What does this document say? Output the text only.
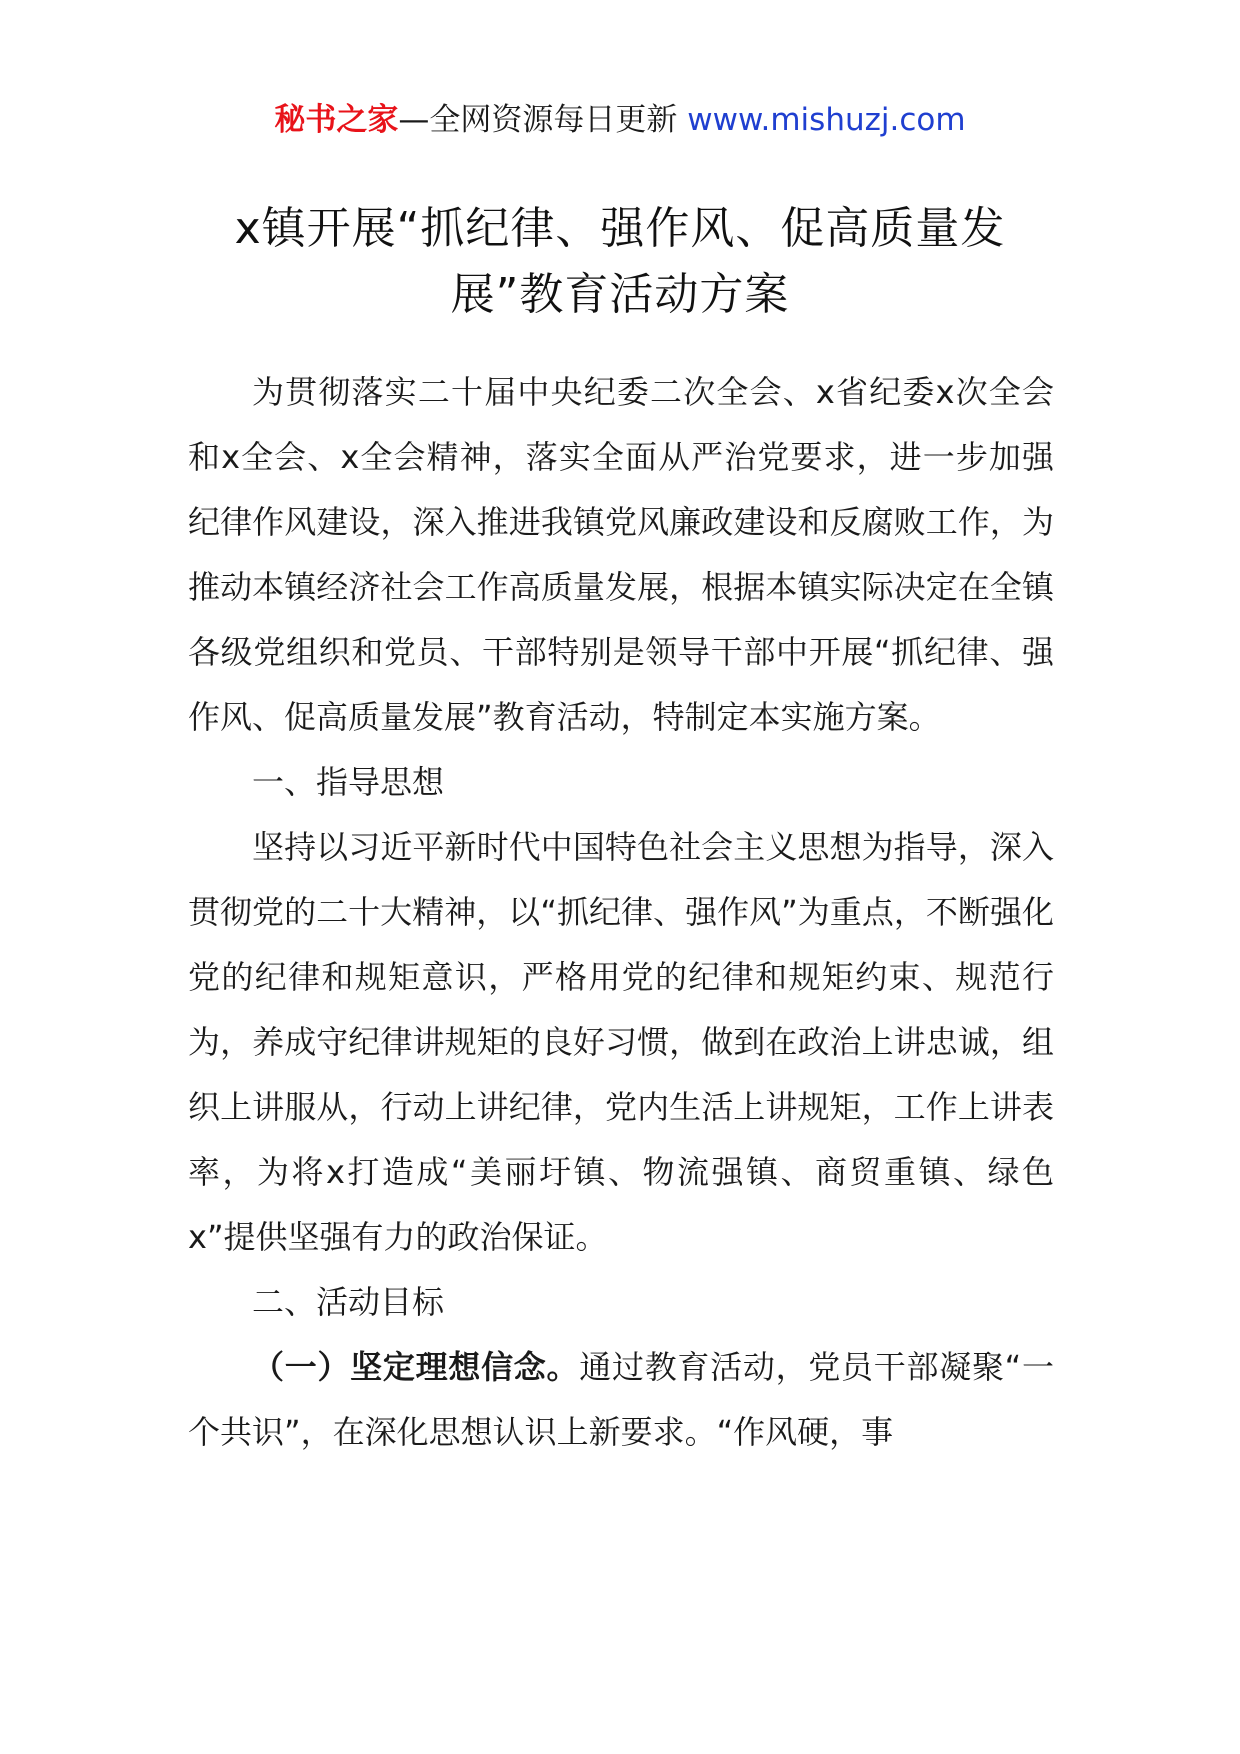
秘书之家—全网资源每日更新 www.mishuzj.com
x镇开展“抓纪律、强作风、促高质量发展”教育活动方案

为贯彻落实二十届中央纪委二次全会、x省纪委x次全会和x全会、x全会精神，落实全面从严治党要求，进一步加强纪律作风建设，深入推进我镇党风廉政建设和反腐败工作，为推动本镇经济社会工作高质量发展，根据本镇实际决定在全镇各级党组织和党员、干部特别是领导干部中开展“抓纪律、强作风、促高质量发展”教育活动，特制定本实施方案。

一、指导思想

坚持以习近平新时代中国特色社会主义思想为指导，深入贯彻党的二十大精神，以“抓纪律、强作风”为重点，不断强化党的纪律和规矩意识，严格用党的纪律和规矩约束、规范行为，养成守纪律讲规矩的良好习惯，做到在政治上讲忠诚，组织上讲服从，行动上讲纪律，党内生活上讲规矩，工作上讲表率，为将x打造成“美丽圩镇、物流强镇、商贸重镇、绿色x”提供坚强有力的政治保证。

二、活动目标

（一）坚定理想信念。通过教育活动，党员干部凝聚“一个共识”，在深化思想认识上新要求。“作风硬，事
